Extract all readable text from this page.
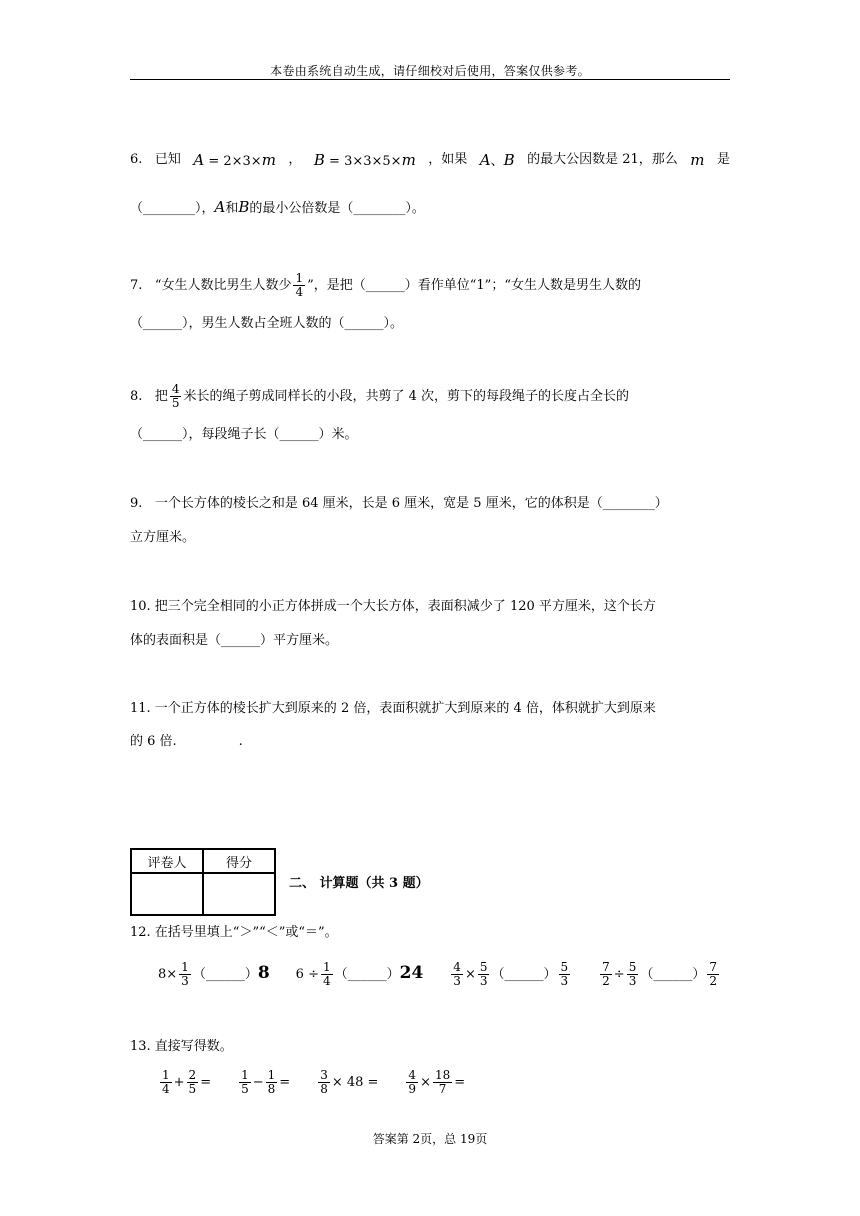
本卷由系统自动生成，请仔细校对后使用，答案仅供参考。
6. 已知 A = 2×3×m ， B = 3×3×5×m ，如果 A、B 的最大公因数是 21，那么 m 是
（________），A和B的最小公倍数是（________）。
7. “女生人数比男生人数少 $\frac{1}{4}$ ”，是把（______）看作单位“1”；“女生人数是男生人数的
（______），男生人数占全班人数的（______）。
8. 把 $\frac{4}{5}$ 米长的绳子剪成同样长的小段，共剪了 4 次，剪下的每段绳子的长度占全长的
（______），每段绳子长（______）米。
9. 一个长方体的棱长之和是 64 厘米，长是 6 厘米，宽是 5 厘米，它的体积是（________）
立方厘米。
10. 把三个完全相同的小正方体拼成一个大长方体，表面积减少了 120 平方厘米，这个长方
体的表面积是（______）平方厘米。
11. 一个正方体的棱长扩大到原来的 2 倍，表面积就扩大到原来的 4 倍，体积就扩大到原来
的 6 倍.	.
评卷人	得分

二、 计算题（共 3 题）
12. 在括号里填上“＞”“＜”或“＝”。
$8\times \frac{1}{3}$ （______）8 $6 \div \frac{1}{4}$ （______）24 $\frac{4}{3} \times \frac{5}{3}$ （______） $\frac{5}{3}$	$\frac{7}{2} \div \frac{5}{3}$ （______） $\frac{7}{2}$
13. 直接写得数。
$\frac{1}{4} + \frac{2}{5} = \frac{1}{5} - \frac{1}{8} = \frac{3}{8} \times 48 = \frac{4}{9} \times \frac{18}{7}$ =
答案第 2页，总 19页
